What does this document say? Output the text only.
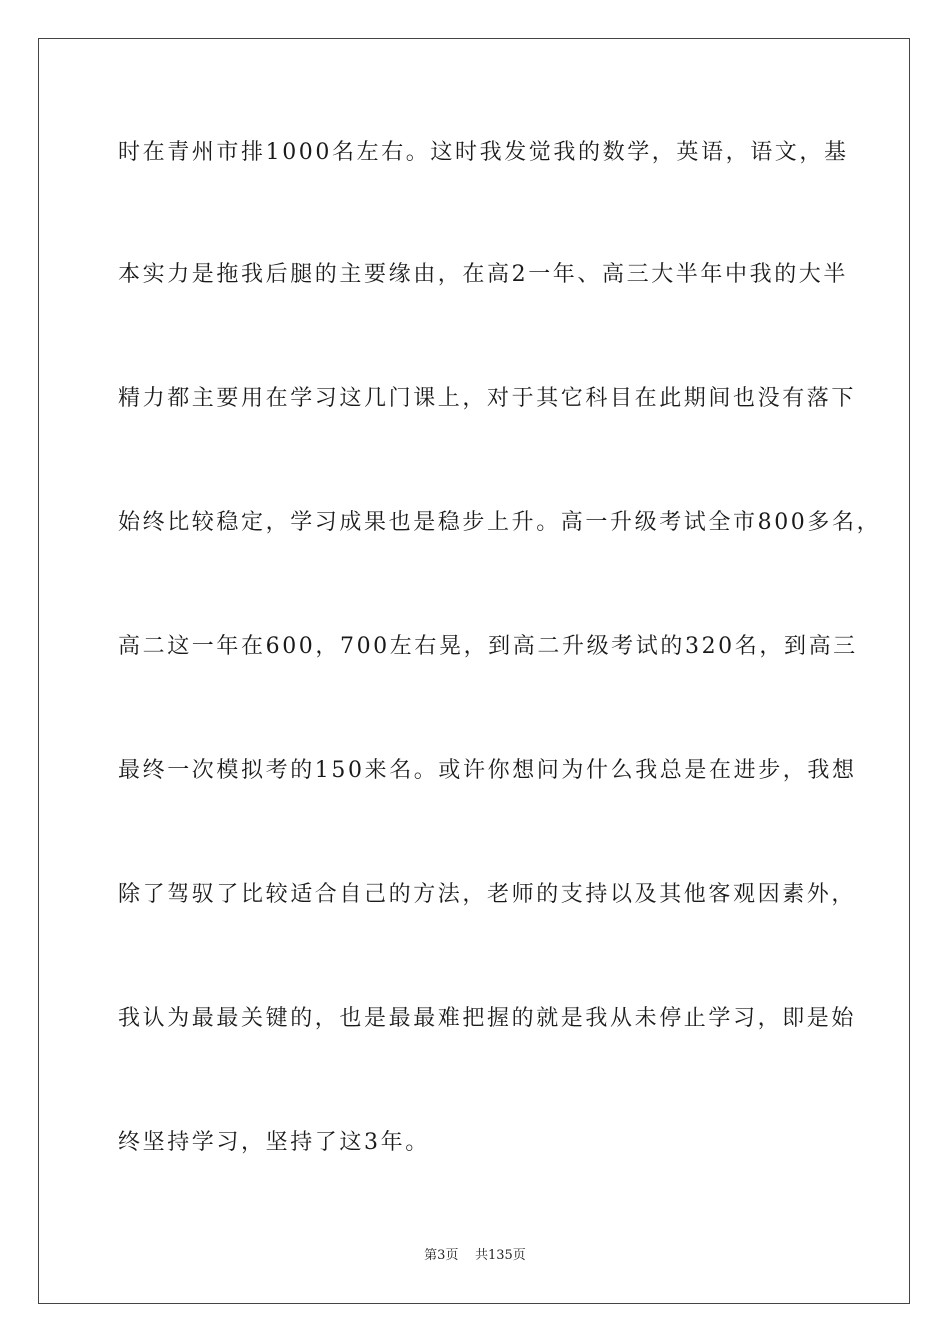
时在青州市排1000名左右。这时我发觉我的数学，英语，语文，基
本实力是拖我后腿的主要缘由，在高2一年、高三大半年中我的大半
精力都主要用在学习这几门课上，对于其它科目在此期间也没有落下
始终比较稳定，学习成果也是稳步上升。高一升级考试全市800多名，
高二这一年在600，700左右晃，到高二升级考试的320名，到高三
最终一次模拟考的150来名。或许你想问为什么我总是在进步，我想
除了驾驭了比较适合自己的方法，老师的支持以及其他客观因素外，
我认为最最关键的，也是最最难把握的就是我从未停止学习，即是始
终坚持学习，坚持了这3年。
第3页 共135页
